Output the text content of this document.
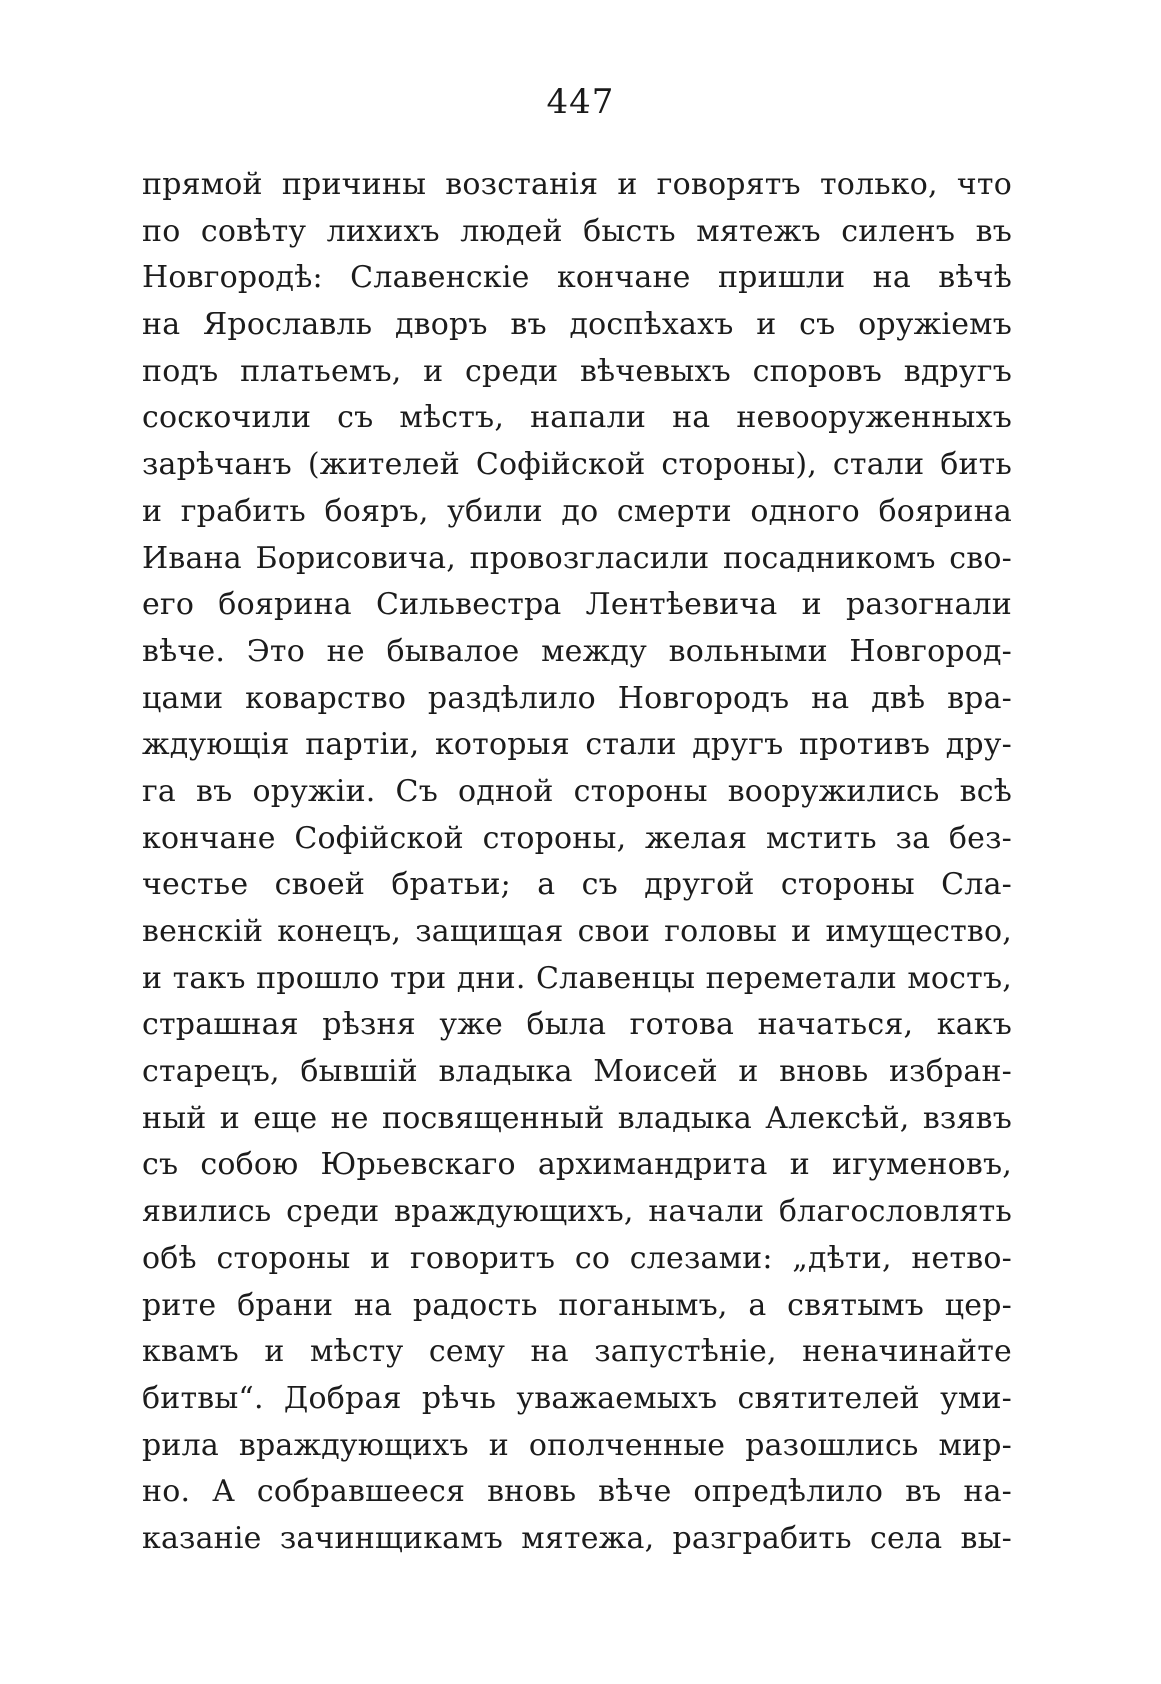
447
прямой причины возстанія и говорятъ только, что
по совѣту лихихъ людей бысть мятежъ силенъ въ
Новгородѣ: Славенскіе кончане пришли на вѣчѣ
на Ярославль дворъ въ доспѣхахъ и съ оружіемъ
подъ платьемъ, и среди вѣчевыхъ споровъ вдругъ
соскочили съ мѣстъ, напали на невооруженныхъ
зарѣчанъ (жителей Софійской стороны), стали бить
и грабить бояръ, убили до смерти одного боярина
Ивана Борисовича, провозгласили посадникомъ сво-
его боярина Сильвестра Лентѣевича и разогнали
вѣче. Это не бывалое между вольными Новгород-
цами коварство раздѣлило Новгородъ на двѣ вра-
ждующія партіи, которыя стали другъ противъ дру-
га въ оружіи. Съ одной стороны вооружились всѣ
кончане Софійской стороны, желая мстить за без-
честье своей братьи; а съ другой стороны Сла-
венскій конецъ, защищая свои головы и имущество,
и такъ прошло три дни. Славенцы переметали мостъ,
страшная рѣзня уже была готова начаться, какъ
старецъ, бывшій владыка Моисей и вновь избран-
ный и еще не посвященный владыка Алексѣй, взявъ
съ собою Юрьевскаго архимандрита и игуменовъ,
явились среди враждующихъ, начали благословлять
обѣ стороны и говоритъ со слезами: „дѣти, нетво-
рите брани на радость поганымъ, а святымъ цер-
квамъ и мѣсту сему на запустѣніе, неначинайте
битвы“. Добрая рѣчь уважаемыхъ святителей уми-
рила враждующихъ и ополченные разошлись мир-
но. А собравшееся вновь вѣче опредѣлило въ на-
казаніе зачинщикамъ мятежа, разграбить села вы-
